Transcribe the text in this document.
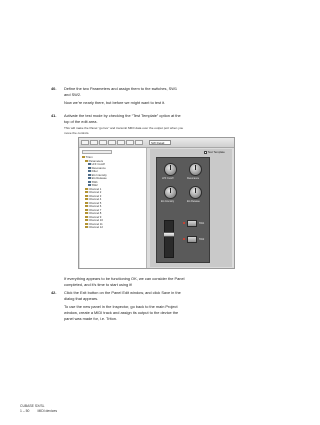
40. Define the two Parameters and assign them to the switches, SW1
and SW2.
Now we’re nearly there, but before we might want to test it.
41. Activate the test mode by checking the “Test Template” option at the
top of the edit area.
This will make the Panel “go live” and transmit MIDI data over the output port when you
move the controls.
SW Detail
Triton
Parameters
LFF Cutoff
Resonance
Filter
EG Intensity
EG Release
SW1
SW2
Channel 1
Channel 2
Channel 3
Channel 4
Channel 5
Channel 6
Channel 7
Channel 8
Channel 9
Channel 10
Channel 11
Channel 12
Test Template
LPF Cutoff	Resonance
EG Intensity	EG Release
SW1
SW2
If everything appears to be functioning OK, we can consider the Panel
completed, and it’s time to start using it!
42. Click the Exit button on the Panel Edit window, and click Save in the
dialog that appears.
To use the new panel in the Inspector, go back to the main Project
window, create a MIDI track and assign its output to the device the
panel was made for, i.e. Triton.
CUBASE SX/SL
1 – 50 MIDI devices
